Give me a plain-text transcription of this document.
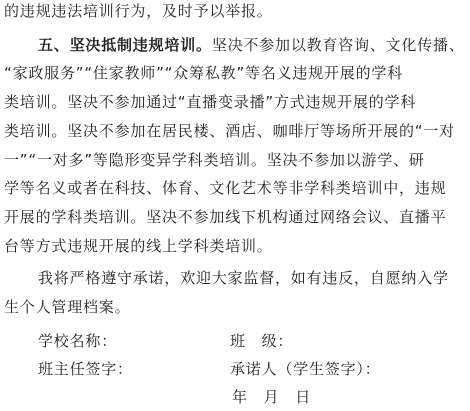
的违规违法培训行为，及时予以举报。
五、坚决抵制违规培训。坚决不参加以教育咨询、文化传播、
“家政服务”“住家教师”“众筹私教”等名义违规开展的学科
类培训。坚决不参加通过“直播变录播”方式违规开展的学科
类培训。坚决不参加在居民楼、酒店、咖啡厅等场所开展的“一对
一”“一对多”等隐形变异学科类培训。坚决不参加以游学、研
学等名义或者在科技、体育、文化艺术等非学科类培训中，违规
开展的学科类培训。坚决不参加线下机构通过网络会议、直播平
台等方式违规开展的线上学科类培训。
我将严格遵守承诺，欢迎大家监督，如有违反，自愿纳入学
生个人管理档案。
学校名称：	班　级：
班主任签字：	承诺人（学生签字）：
年　月　日
